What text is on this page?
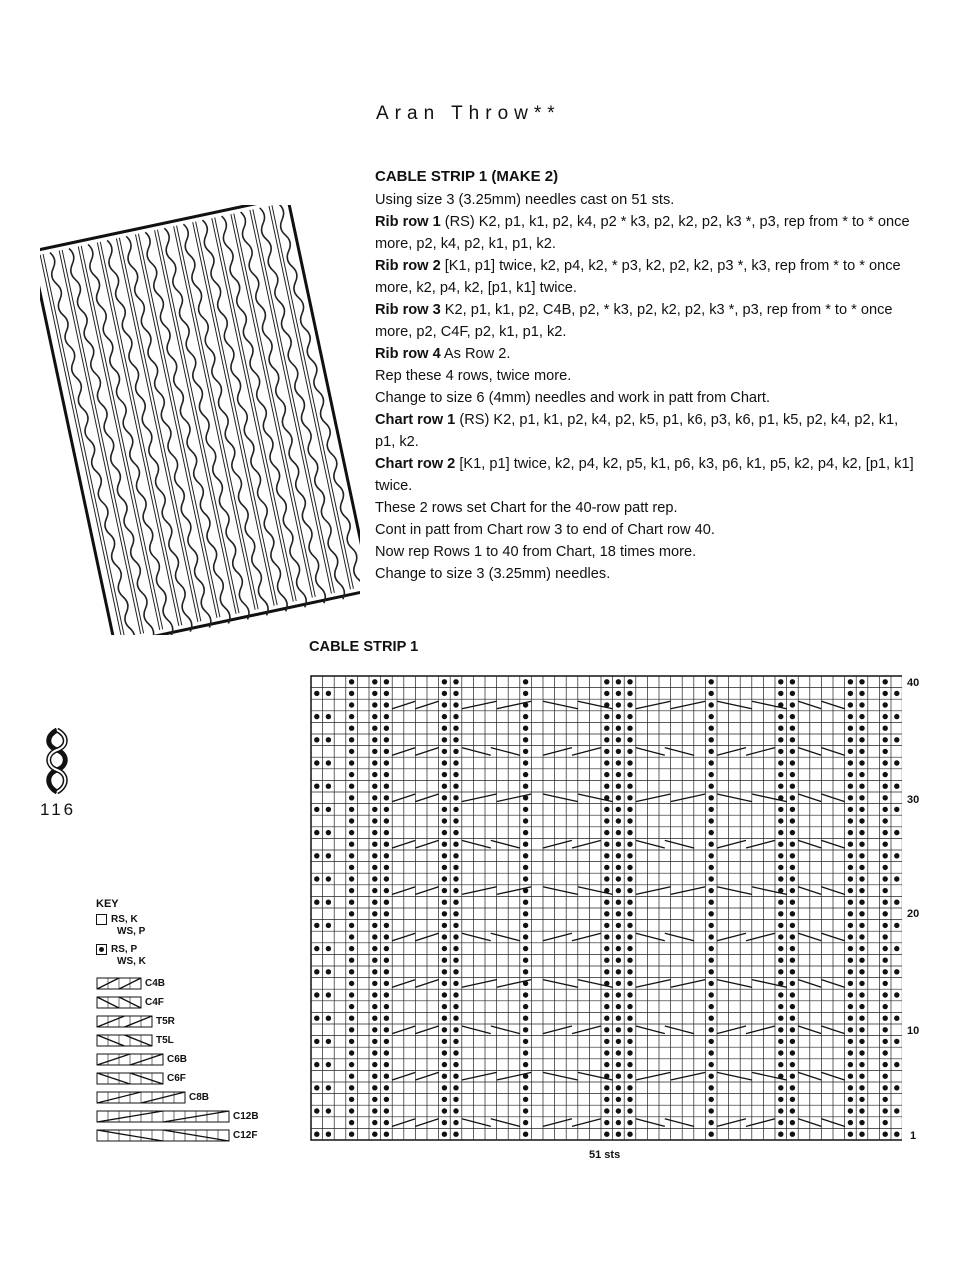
Aran Throw**
CABLE STRIP 1 (MAKE 2)

Using size 3 (3.25mm) needles cast on 51 sts.

Rib row 1 (RS) K2, p1, k1, p2, k4, p2 * k3, p2, k2, p2, k3 *, p3, rep from * to * once more, p2, k4, p2, k1, p1, k2.

Rib row 2 [K1, p1] twice, k2, p4, k2, * p3, k2, p2, k2, p3 *, k3, rep from * to * once more, k2, p4, k2, [p1, k1] twice.

Rib row 3 K2, p1, k1, p2, C4B, p2, * k3, p2, k2, p2, k3 *, p3, rep from * to * once more, p2, C4F, p2, k1, p1, k2.

Rib row 4 As Row 2.

Rep these 4 rows, twice more.

Change to size 6 (4mm) needles and work in patt from Chart.

Chart row 1 (RS) K2, p1, k1, p2, k4, p2, k5, p1, k6, p3, k6, p1, k5, p2, k4, p2, k1, p1, k2.

Chart row 2 [K1, p1] twice, k2, p4, k2, p5, k1, p6, k3, p6, k1, p5, k2, p4, k2, [p1, k1] twice.

These 2 rows set Chart for the 40-row patt rep.

Cont in patt from Chart row 3 to end of Chart row 40.

Now rep Rows 1 to 40 from Chart, 18 times more.

Change to size 3 (3.25mm) needles.

CABLE STRIP 1
40
30
20
10
1
51 sts
116
KEY
RS, K
WS, P
RS, P
WS, K
C4B
C4F
T5R
T5L
C6B
C6F
C8B
C12B
C12F
